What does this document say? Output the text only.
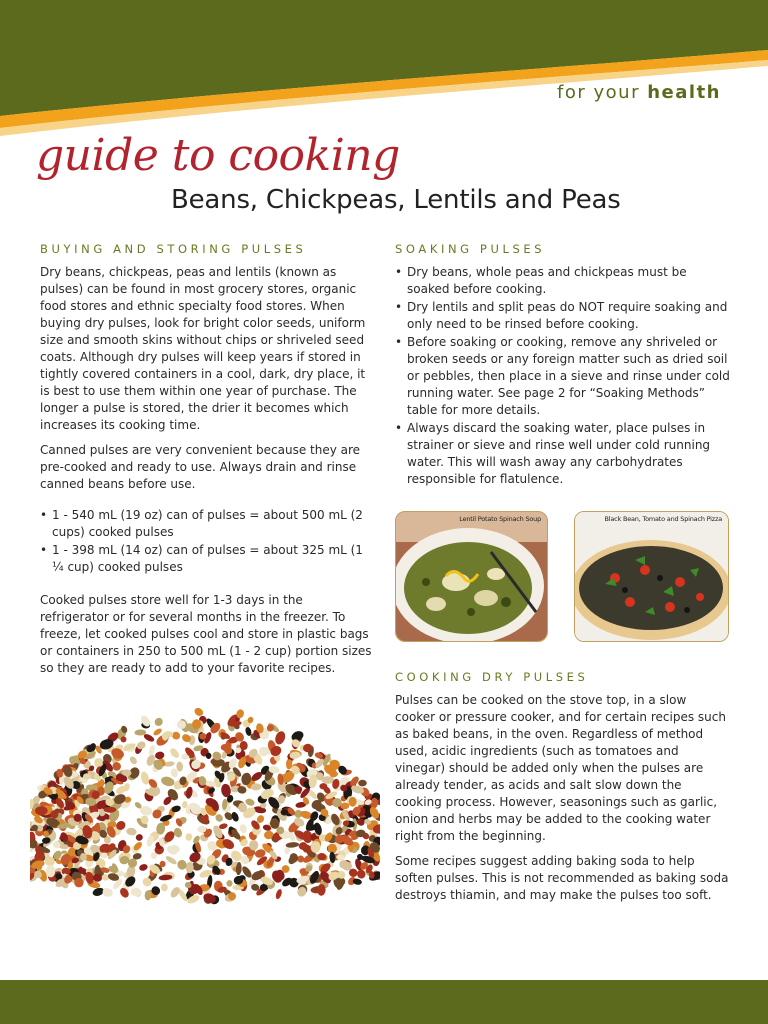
for your health
guide to cooking
Beans, Chickpeas, Lentils and Peas
BUYING AND STORING PULSES

Dry beans, chickpeas, peas and lentils (known as pulses) can be found in most grocery stores, organic food stores and ethnic specialty food stores. When buying dry pulses, look for bright color seeds, uniform size and smooth skins without chips or shriveled seed coats. Although dry pulses will keep years if stored in tightly covered containers in a cool, dark, dry place, it is best to use them within one year of purchase. The longer a pulse is stored, the drier it becomes which increases its cooking time.

Canned pulses are very convenient because they are pre-cooked and ready to use. Always drain and rinse canned beans before use.

• 1 - 540 mL (19 oz) can of pulses = about 500 mL (2 cups) cooked pulses
• 1 - 398 mL (14 oz) can of pulses = about 325 mL (1 ¼ cup) cooked pulses

Cooked pulses store well for 1-3 days in the refrigerator or for several months in the freezer. To freeze, let cooked pulses cool and store in plastic bags or containers in 250 to 500 mL (1 - 2 cup) portion sizes so they are ready to add to your favorite recipes.

SOAKING PULSES
• Dry beans, whole peas and chickpeas must be soaked before cooking.
• Dry lentils and split peas do NOT require soaking and only need to be rinsed before cooking.
• Before soaking or cooking, remove any shriveled or broken seeds or any foreign matter such as dried soil or pebbles, then place in a sieve and rinse under cold running water. See page 2 for “Soaking Methods” table for more details.
• Always discard the soaking water, place pulses in strainer or sieve and rinse well under cold running water. This will wash away any carbohydrates responsible for flatulence.
Lentil Potato Spinach Soup	Black Bean, Tomato and Spinach Pizza
COOKING DRY PULSES

Pulses can be cooked on the stove top, in a slow cooker or pressure cooker, and for certain recipes such as baked beans, in the oven. Regardless of method used, acidic ingredients (such as tomatoes and vinegar) should be added only when the pulses are already tender, as acids and salt slow down the cooking process. However, seasonings such as garlic, onion and herbs may be added to the cooking water right from the beginning.

Some recipes suggest adding baking soda to help soften pulses. This is not recommended as baking soda destroys thiamin, and may make the pulses too soft.
